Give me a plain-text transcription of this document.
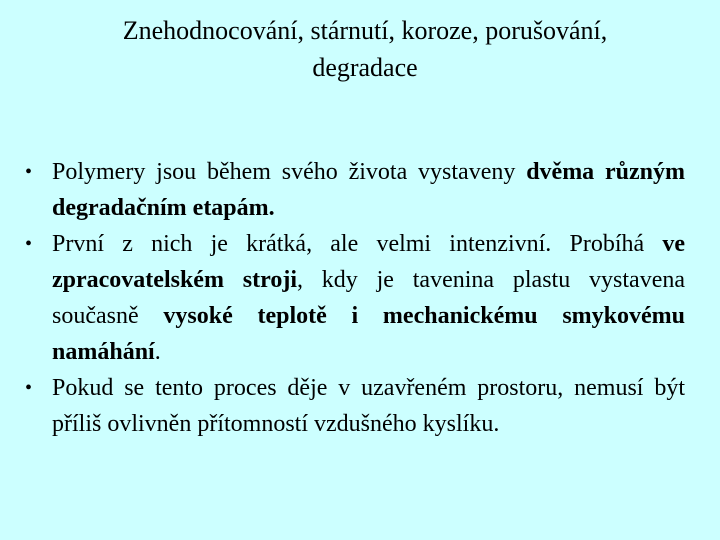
Znehodnocování, stárnutí, koroze, porušování,
degradace
• Polymery jsou během svého života vystaveny dvěma různým degradačním etapám.
• První z nich je krátká, ale velmi intenzivní. Probíhá ve zpracovatelském stroji, kdy je tavenina plastu vystavena současně vysoké teplotě i mechanickému smykovému namáhání.
• Pokud se tento proces děje v uzavřeném prostoru, nemusí být příliš ovlivněn přítomností vzdušného kyslíku.
